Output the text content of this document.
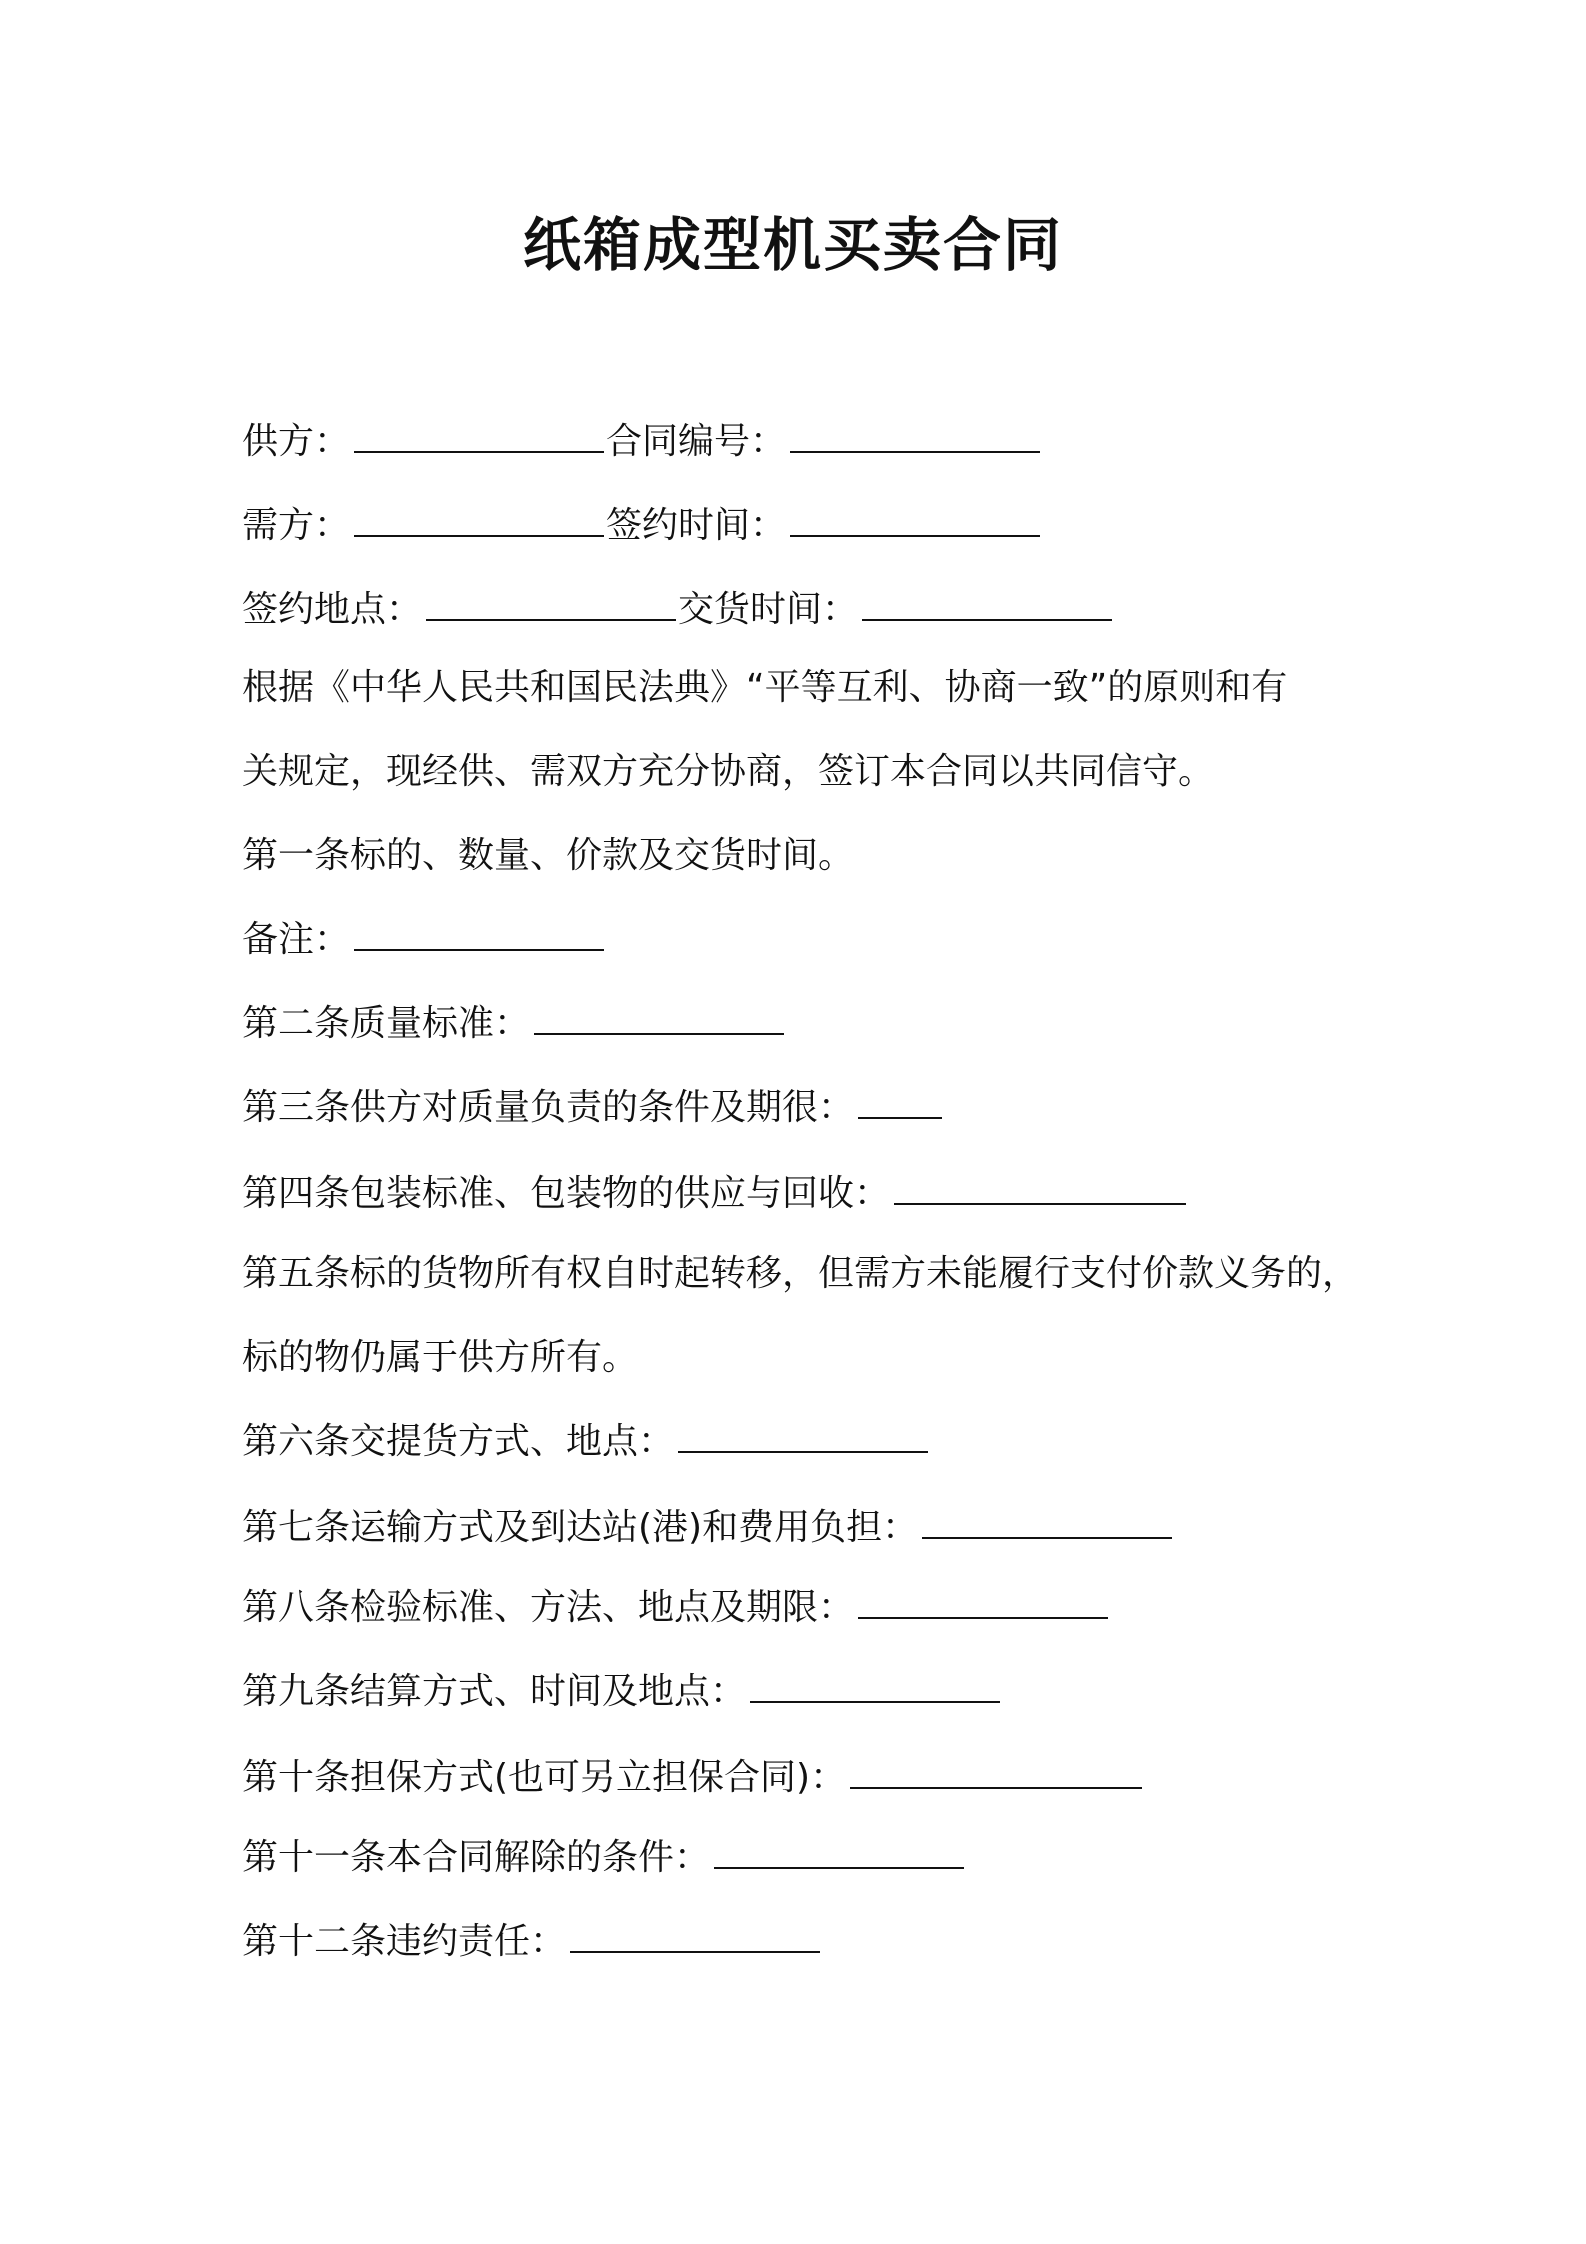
纸箱成型机买卖合同
供方：	合同编号：
需方：	签约时间：
签约地点：	交货时间：
根据《中华人民共和国民法典》“平等互利、协商一致”的原则和有
关规定，现经供、需双方充分协商，签订本合同以共同信守。
第一条标的、数量、价款及交货时间。
备注：
第二条质量标准：
第三条供方对质量负责的条件及期很：
第四条包装标准、包装物的供应与回收：
第五条标的货物所有权自时起转移，但需方未能履行支付价款义务的，
标的物仍属于供方所有。
第六条交提货方式、地点：
第七条运输方式及到达站(港)和费用负担：
第八条检验标准、方法、地点及期限：
第九条结算方式、时间及地点：
第十条担保方式(也可另立担保合同)：
第十一条本合同解除的条件：
第十二条违约责任：
